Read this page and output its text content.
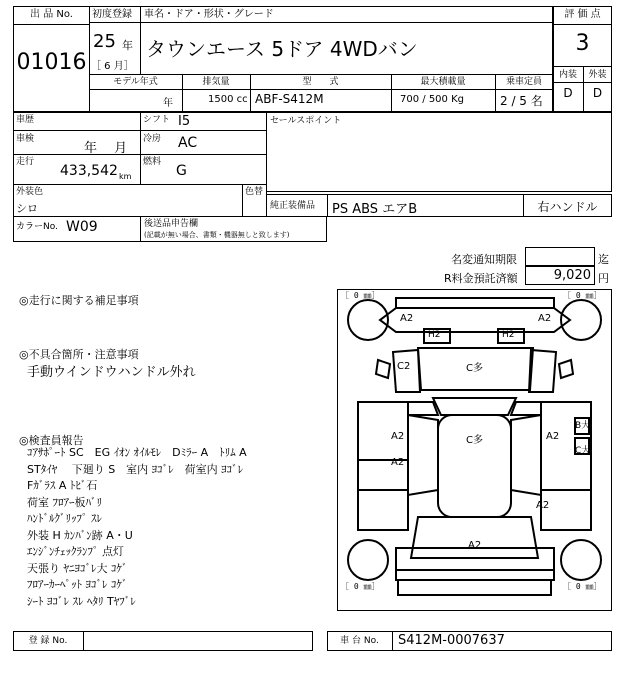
出 品 No.
01016
初度登録 車名・ドア・形状・グレード
25 年
［ 6 月］
タウンエース 5ドア 4WDバン
評 価 点
3
内装	外装
D	D
モデル年式	排気量	型　　式	最大積載量	乗車定員
年	1500 cc ABF-S412M	700 / 500 Kg	2 / 5 名
車歴	シフト I5
車検
年　 月
冷房 AC
走行
433,542 km
燃料
G
セールスポイント
外装色
シロ
色替
純正装備品 PS ABS エアB	右ハンドル
カラーNo. W09	後送品申告欄
(記載が無い場合、書類・機器無しと致します)
名変通知期限	迄
R料金預託済額	9,020 円
◎走行に関する補足事項
◎不具合箇所・注意事項
手動ウインドウハンドル外れ
◎検査員報告
ｺｱｻﾎﾟｰﾄ SC　EG ｲｵﾝ ｵｲﾙﾓﾚ　Dﾐﾗｰ A　ﾄﾘﾑ A
STﾀｲﾔ　 下廻り S　室内 ﾖｺﾞﾚ　荷室内 ﾖｺﾞﾚ
Fｶﾞﾗｽ A ﾄﾋﾞ石
荷室 ﾌﾛｱｰ板ﾊﾞﾘ
ﾊﾝﾄﾞﾙｸﾞﾘｯﾌﾟ ｽﾚ
外装 H ｶﾝﾊﾞﾝ跡 A・U
ｴﾝｼﾞﾝﾁｪｯｸﾗﾝﾌﾟ 点灯
天張り ﾔﾆﾖｺﾞﾚ大 ｺｹﾞ
ﾌﾛｱｰｶｰﾍﾟｯﾄ ﾖｺﾞﾚ ｺｹﾞ
ｼｰﾄ ﾖｺﾞﾚ ｽﾚ ﾍﾀﾘ Tﾔﾌﾞﾚ
［ 0 ㎜］	［ 0 ㎜］
［ 0 ㎜］	［ 0 ㎜］
A2	A2
H2	H2
C2	C多
A2
A2
C多	A2
B大
C大
A2
A2
登 録 No.	車 台 No.	S412M-0007637
